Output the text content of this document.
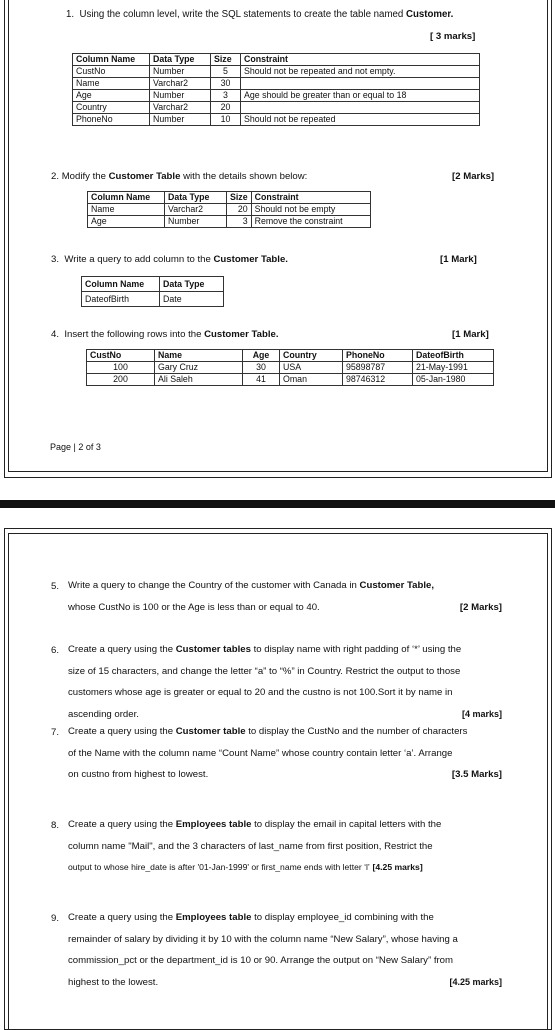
1. Using the column level, write the SQL statements to create the table named Customer.
[ 3 marks]
Column Name	Data Type	Size	Constraint
CustNo	Number	5	Should not be repeated and not empty.
Name	Varchar2	30	
Age	Number	3	Age should be greater than or equal to 18
Country	Varchar2	20	
PhoneNo	Number	10	Should not be repeated
2. Modify the Customer Table with the details shown below:	[2 Marks]
Column Name	Data Type	Size	Constraint
Name	Varchar2	20	Should not be empty
Age	Number	3	Remove the constraint
3. Write a query to add column to the Customer Table.	[1 Mark]
Column Name	Data Type
DateofBirth	Date
4. Insert the following rows into the Customer Table.	[1 Mark]
CustNo	Name	Age	Country	PhoneNo	DateofBirth
100	Gary Cruz	30	USA	95898787	21-May-1991
200	Ali Saleh	41	Oman	98746312	05-Jan-1980
Page | 2 of 3
5. Write a query to change the Country of the customer with Canada in Customer Table,
whose CustNo is 100 or the Age is less than or equal to 40.	[2 Marks]
6. Create a query using the Customer tables to display name with right padding of ‘*’ using the
size of 15 characters, and change the letter “a” to “%” in Country. Restrict the output to those
customers whose age is greater or equal to 20 and the custno is not 100.Sort it by name in
ascending order.	[4 marks]
7. Create a query using the Customer table to display the CustNo and the number of characters
of the Name with the column name “Count Name” whose country contain letter ‘a’. Arrange
on custno from highest to lowest.	[3.5 Marks]
8. Create a query using the Employees table to display the email in capital letters with the
column name "Mail", and the 3 characters of last_name from first position, Restrict the
output to whose hire_date is after '01-Jan-1999' or first_name ends with letter ‘l’ [4.25 marks]
9. Create a query using the Employees table to display employee_id combining with the
remainder of salary by dividing it by 10 with the column name “New Salary”, whose having a
commission_pct or the department_id is 10 or 90. Arrange the output on “New Salary” from
highest to the lowest.	[4.25 marks]
